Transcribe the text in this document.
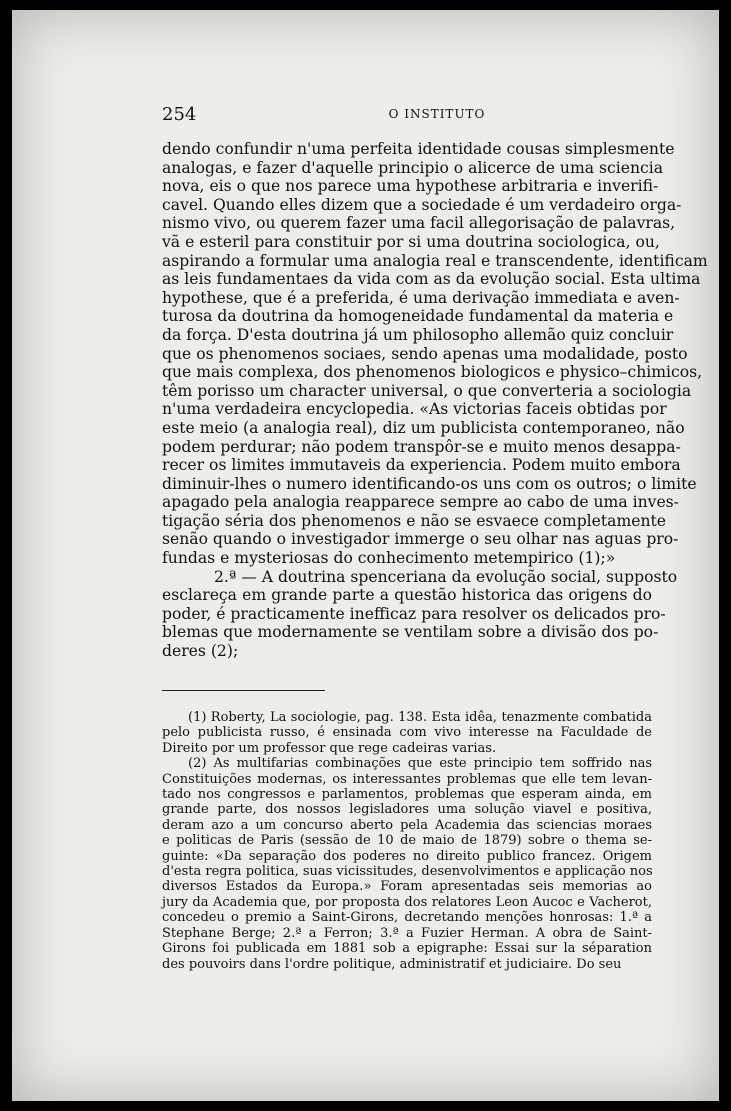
254	O INSTITUTO
dendo confundir n'uma perfeita identidade cousas simplesmente
analogas, e fazer d'aquelle principio o alicerce de uma sciencia
nova, eis o que nos parece uma hypothese arbitraria e inverifi-
cavel. Quando elles dizem que a sociedade é um verdadeiro orga-
nismo vivo, ou querem fazer uma facil allegorisação de palavras,
vã e esteril para constituir por si uma doutrina sociologica, ou,
aspirando a formular uma analogia real e transcendente, identificam
as leis fundamentaes da vida com as da evolução social. Esta ultima
hypothese, que é a preferida, é uma derivação immediata e aven-
turosa da doutrina da homogeneidade fundamental da materia e
da força. D'esta doutrina já um philosopho allemão quiz concluir
que os phenomenos sociaes, sendo apenas uma modalidade, posto
que mais complexa, dos phenomenos biologicos e physico–chimicos,
têm porisso um character universal, o que converteria a sociologia
n'uma verdadeira encyclopedia. «As victorias faceis obtidas por
este meio (a analogia real), diz um publicista contemporaneo, não
podem perdurar; não podem transpôr-se e muito menos desappa-
recer os limites immutaveis da experiencia. Podem muito embora
diminuir-lhes o numero identificando-os uns com os outros; o limite
apagado pela analogia reapparece sempre ao cabo de uma inves-
tigação séria dos phenomenos e não se esvaece completamente
senão quando o investigador immerge o seu olhar nas aguas pro-
fundas e mysteriosas do conhecimento metempirico (1);»
2.ª — A doutrina spenceriana da evolução social, supposto
esclareça em grande parte a questão historica das origens do
poder, é practicamente inefficaz para resolver os delicados pro-
blemas que modernamente se ventilam sobre a divisão dos po-
deres (2);
(1) Roberty, La sociologie, pag. 138. Esta idêa, tenazmente combatida
pelo publicista russo, é ensinada com vivo interesse na Faculdade de
Direito por um professor que rege cadeiras varias.
(2) As multifarias combinações que este principio tem soffrido nas
Constituições modernas, os interessantes problemas que elle tem levan-
tado nos congressos e parlamentos, problemas que esperam ainda, em
grande parte, dos nossos legisladores uma solução viavel e positiva,
deram azo a um concurso aberto pela Academia das sciencias moraes
e politicas de Paris (sessão de 10 de maio de 1879) sobre o thema se-
guinte: «Da separação dos poderes no direito publico francez. Origem
d'esta regra politica, suas vicissitudes, desenvolvimentos e applicação nos
diversos Estados da Europa.» Foram apresentadas seis memorias ao
jury da Academia que, por proposta dos relatores Leon Aucoc e Vacherot,
concedeu o premio a Saint-Girons, decretando menções honrosas: 1.ª a
Stephane Berge; 2.ª a Ferron; 3.ª a Fuzier Herman. A obra de Saint-
Girons foi publicada em 1881 sob a epigraphe: Essai sur la séparation
des pouvoirs dans l'ordre politique, administratif et judiciaire. Do seu
